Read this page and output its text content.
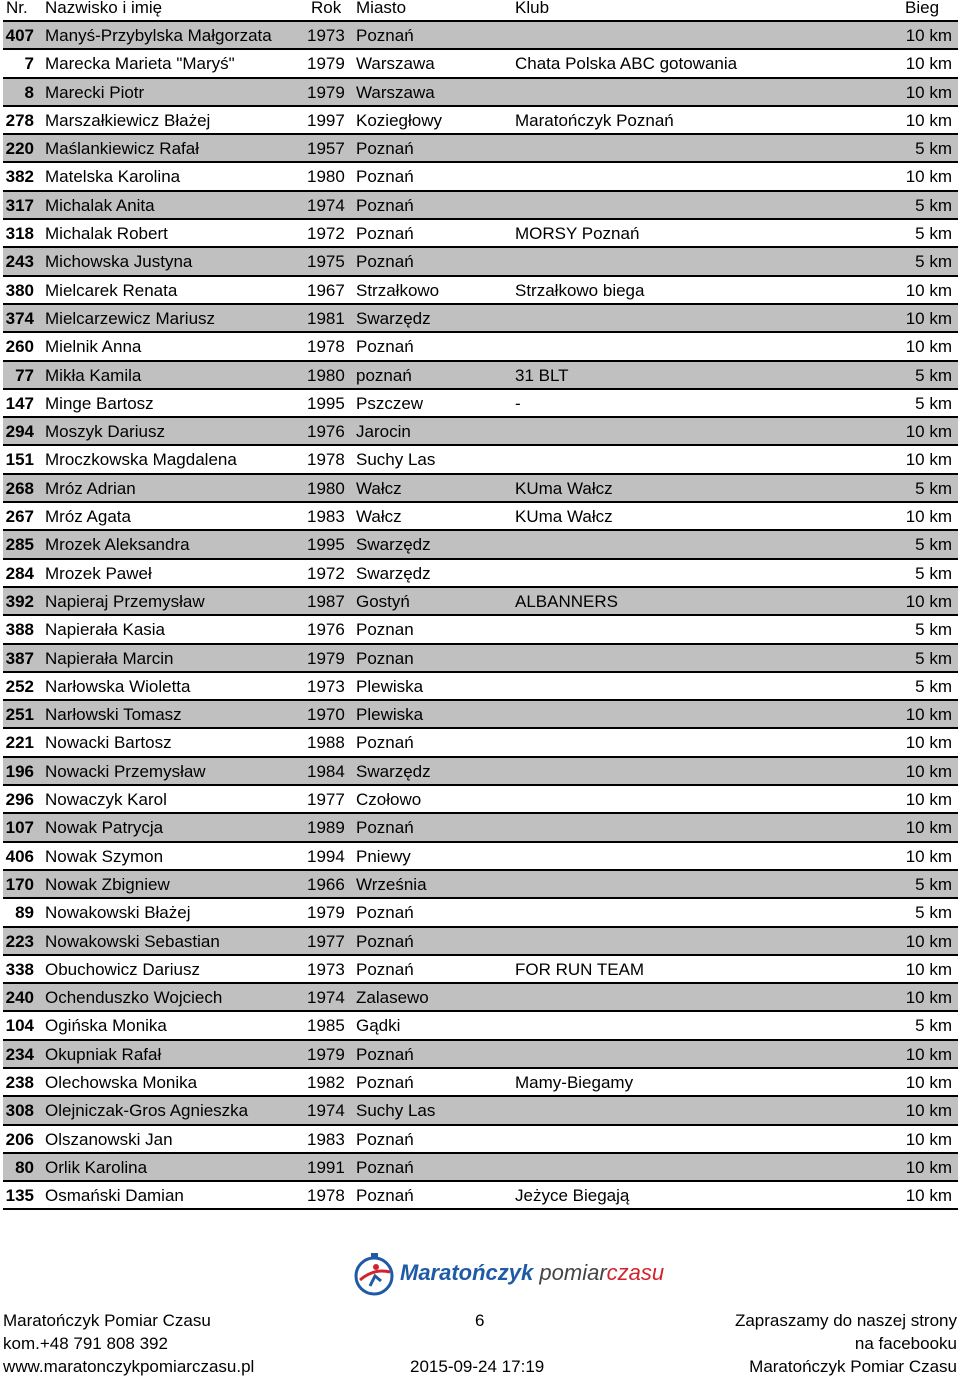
Nr. Nazwisko i imię	Rok Miasto	Klub	Bieg
407 Manyś-Przybylska Małgorzata 1973 Poznań	10 km
7 Marecka Marieta "Maryś"	1979 Warszawa	Chata Polska ABC gotowania	10 km
8 Marecki Piotr	1979 Warszawa	10 km
278 Marszałkiewicz Błażej	1997 Koziegłowy	Maratończyk Poznań	10 km
220 Maślankiewicz Rafał	1957 Poznań	5 km
382 Matelska Karolina	1980 Poznań	10 km
317 Michalak Anita	1974 Poznań	5 km
318 Michalak Robert	1972 Poznań	MORSY Poznań	5 km
243 Michowska Justyna	1975 Poznań	5 km
380 Mielcarek Renata	1967 Strzałkowo	Strzałkowo biega	10 km
374 Mielcarzewicz Mariusz	1981 Swarzędz	10 km
260 Mielnik Anna	1978 Poznań	10 km
77 Mikła Kamila	1980 poznań	31 BLT	5 km
147 Minge Bartosz	1995 Pszczew	-	5 km
294 Moszyk Dariusz	1976 Jarocin	10 km
151 Mroczkowska Magdalena	1978 Suchy Las	10 km
268 Mróz Adrian	1980 Wałcz	KUma Wałcz	5 km
267 Mróz Agata	1983 Wałcz	KUma Wałcz	10 km
285 Mrozek Aleksandra	1995 Swarzędz	5 km
284 Mrozek Paweł	1972 Swarzędz	5 km
392 Napieraj Przemysław	1987 Gostyń	ALBANNERS	10 km
388 Napierała Kasia	1976 Poznan	5 km
387 Napierała Marcin	1979 Poznan	5 km
252 Narłowska Wioletta	1973 Plewiska	5 km
251 Narłowski Tomasz	1970 Plewiska	10 km
221 Nowacki Bartosz	1988 Poznań	10 km
196 Nowacki Przemysław	1984 Swarzędz	10 km
296 Nowaczyk Karol	1977 Czołowo	10 km
107 Nowak Patrycja	1989 Poznań	10 km
406 Nowak Szymon	1994 Pniewy	10 km
170 Nowak Zbigniew	1966 Września	5 km
89 Nowakowski Błażej	1979 Poznań	5 km
223 Nowakowski Sebastian	1977 Poznań	10 km
338 Obuchowicz Dariusz	1973 Poznań	FOR RUN TEAM	10 km
240 Ochenduszko Wojciech	1974 Zalasewo	10 km
104 Ogińska Monika	1985 Gądki	5 km
234 Okupniak Rafał	1979 Poznań	10 km
238 Olechowska Monika	1982 Poznań	Mamy-Biegamy	10 km
308 Olejniczak-Gros Agnieszka	1974 Suchy Las	10 km
206 Olszanowski Jan	1983 Poznań	10 km
80 Orlik Karolina	1991 Poznań	10 km
135 Osmański Damian	1978 Poznań	Jeżyce Biegają	10 km
Maratończyk pomiarczasu
Maratończyk Pomiar Czasu
kom.+48 791 808 392
www.maratonczykpomiarczasu.pl
6
2015-09-24 17:19
Zapraszamy do naszej strony
na facebooku
Maratończyk Pomiar Czasu
